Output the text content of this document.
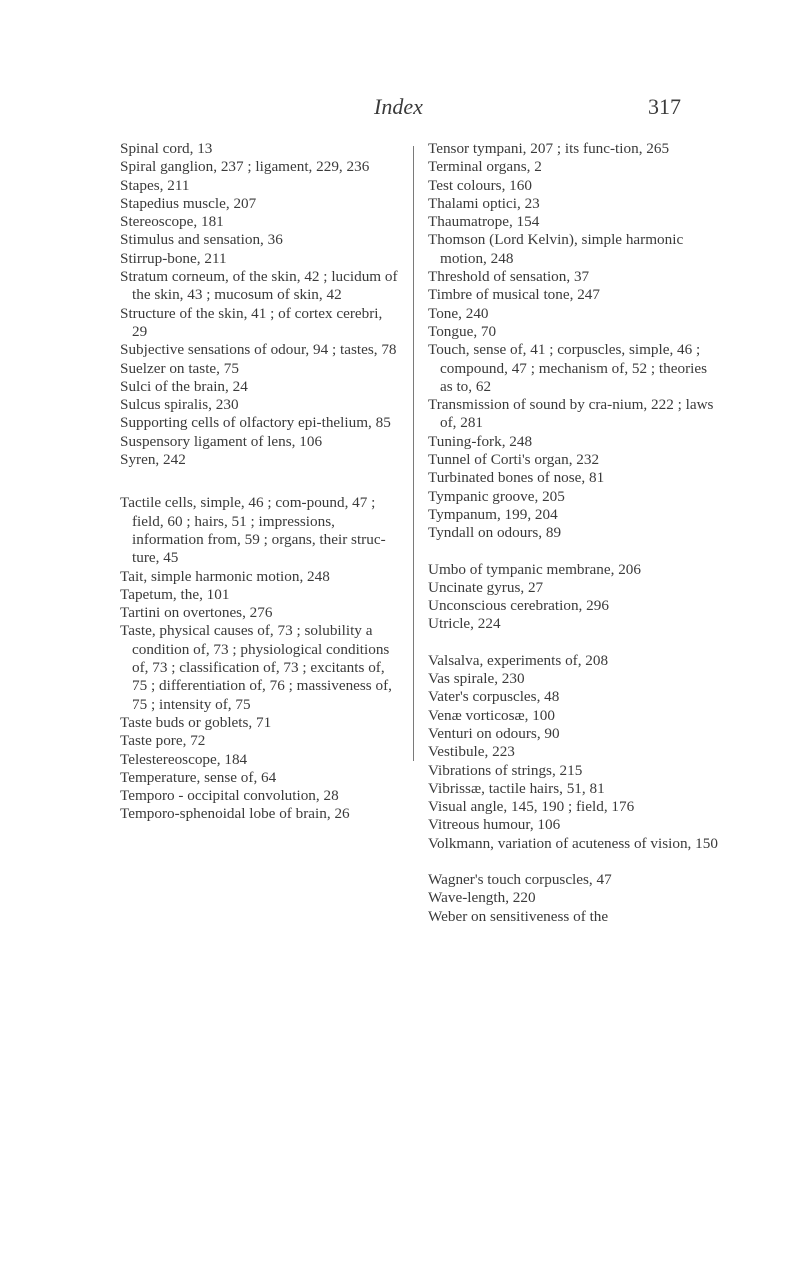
Index	317

Spinal cord, 13

Spiral ganglion, 237 ; ligament, 229, 236

Stapes, 211

Stapedius muscle, 207

Stereoscope, 181

Stimulus and sensation, 36

Stirrup-bone, 211

Stratum corneum, of the skin, 42 ; lucidum of the skin, 43 ; mucosum of skin, 42

Structure of the skin, 41 ; of cortex cerebri, 29

Subjective sensations of odour, 94 ; tastes, 78

Suelzer on taste, 75

Sulci of the brain, 24

Sulcus spiralis, 230

Supporting cells of olfactory epi-thelium, 85

Suspensory ligament of lens, 106

Syren, 242

Tactile cells, simple, 46 ; com-pound, 47 ; field, 60 ; hairs, 51 ; impressions, information from, 59 ; organs, their struc-ture, 45

Tait, simple harmonic motion, 248

Tapetum, the, 101

Tartini on overtones, 276

Taste, physical causes of, 73 ; solubility a condition of, 73 ; physiological conditions of, 73 ; classification of, 73 ; excitants of, 75 ; differentiation of, 76 ; massiveness of, 75 ; intensity of, 75

Taste buds or goblets, 71

Taste pore, 72

Telestereoscope, 184

Temperature, sense of, 64

Temporo - occipital convolution, 28

Temporo-sphenoidal lobe of brain, 26

Tensor tympani, 207 ; its func-tion, 265

Terminal organs, 2

Test colours, 160

Thalami optici, 23

Thaumatrope, 154

Thomson (Lord Kelvin), simple harmonic motion, 248

Threshold of sensation, 37

Timbre of musical tone, 247

Tone, 240

Tongue, 70

Touch, sense of, 41 ; corpuscles, simple, 46 ; compound, 47 ; mechanism of, 52 ; theories as to, 62

Transmission of sound by cra-nium, 222 ; laws of, 281

Tuning-fork, 248

Tunnel of Corti's organ, 232

Turbinated bones of nose, 81

Tympanic groove, 205

Tympanum, 199, 204

Tyndall on odours, 89

Umbo of tympanic membrane, 206

Uncinate gyrus, 27

Unconscious cerebration, 296

Utricle, 224

Valsalva, experiments of, 208

Vas spirale, 230

Vater's corpuscles, 48

Venæ vorticosæ, 100

Venturi on odours, 90

Vestibule, 223

Vibrations of strings, 215

Vibrissæ, tactile hairs, 51, 81

Visual angle, 145, 190 ; field, 176

Vitreous humour, 106

Volkmann, variation of acuteness of vision, 150

Wagner's touch corpuscles, 47

Wave-length, 220

Weber on sensitiveness of the
